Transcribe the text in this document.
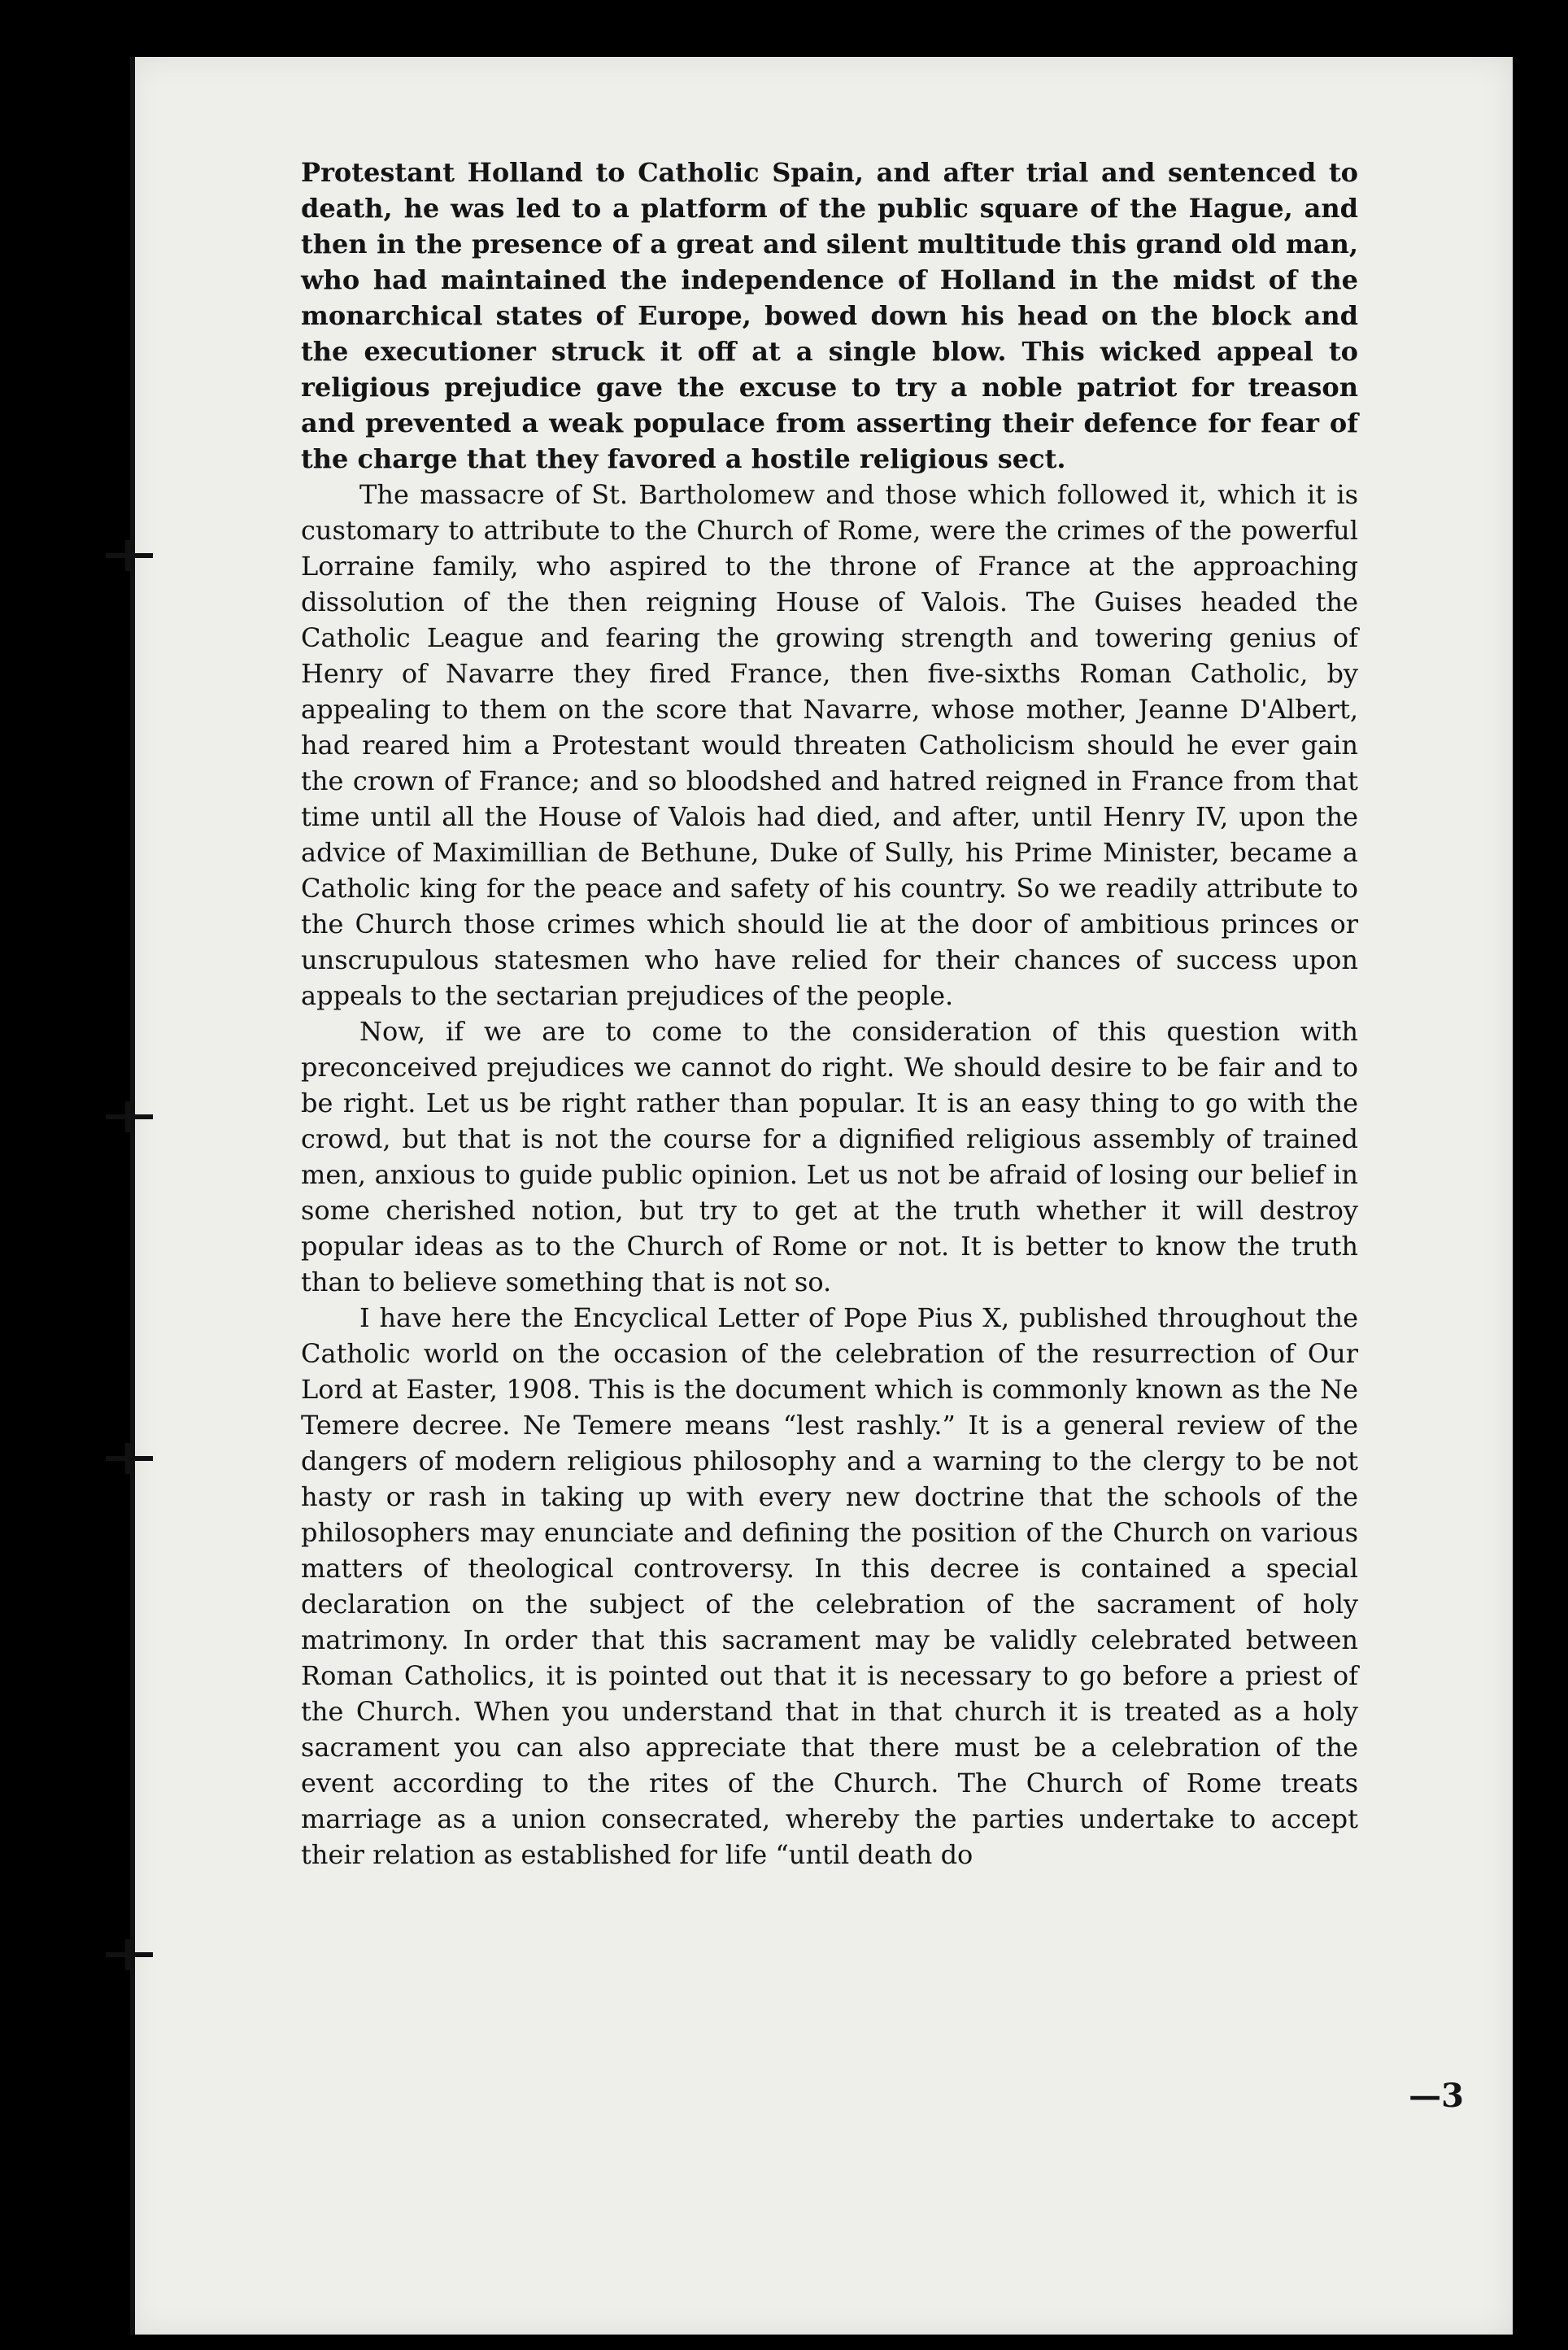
Protestant Holland to Catholic Spain, and after trial and sentenced to death, he was led to a platform of the public square of the Hague, and then in the presence of a great and silent multitude this grand old man, who had maintained the independence of Holland in the midst of the monarchical states of Europe, bowed down his head on the block and the executioner struck it off at a single blow. This wicked appeal to religious prejudice gave the excuse to try a noble patriot for treason and prevented a weak populace from asserting their defence for fear of the charge that they favored a hostile religious sect.

The massacre of St. Bartholomew and those which followed it, which it is customary to attribute to the Church of Rome, were the crimes of the powerful Lorraine family, who aspired to the throne of France at the approaching dissolution of the then reigning House of Valois. The Guises headed the Catholic League and fearing the growing strength and towering genius of Henry of Navarre they fired France, then five-sixths Roman Catholic, by appealing to them on the score that Navarre, whose mother, Jeanne D'Albert, had reared him a Protestant would threaten Catholicism should he ever gain the crown of France; and so bloodshed and hatred reigned in France from that time until all the House of Valois had died, and after, until Henry IV, upon the advice of Maximillian de Bethune, Duke of Sully, his Prime Minister, became a Catholic king for the peace and safety of his country. So we readily attribute to the Church those crimes which should lie at the door of ambitious princes or unscrupulous statesmen who have relied for their chances of success upon appeals to the sectarian prejudices of the people.

Now, if we are to come to the consideration of this question with preconceived prejudices we cannot do right. We should desire to be fair and to be right. Let us be right rather than popular. It is an easy thing to go with the crowd, but that is not the course for a dignified religious assembly of trained men, anxious to guide public opinion. Let us not be afraid of losing our belief in some cherished notion, but try to get at the truth whether it will destroy popular ideas as to the Church of Rome or not. It is better to know the truth than to believe something that is not so.

I have here the Encyclical Letter of Pope Pius X, published throughout the Catholic world on the occasion of the celebration of the resurrection of Our Lord at Easter, 1908. This is the document which is commonly known as the Ne Temere decree. Ne Temere means “lest rashly.” It is a general review of the dangers of modern religious philosophy and a warning to the clergy to be not hasty or rash in taking up with every new doctrine that the schools of the philosophers may enunciate and defining the position of the Church on various matters of theological controversy. In this decree is contained a special declaration on the subject of the celebration of the sacrament of holy matrimony. In order that this sacrament may be validly celebrated between Roman Catholics, it is pointed out that it is necessary to go before a priest of the Church. When you understand that in that church it is treated as a holy sacrament you can also appreciate that there must be a celebration of the event according to the rites of the Church. The Church of Rome treats marriage as a union consecrated, whereby the parties undertake to accept their relation as established for life “until death do

—3
